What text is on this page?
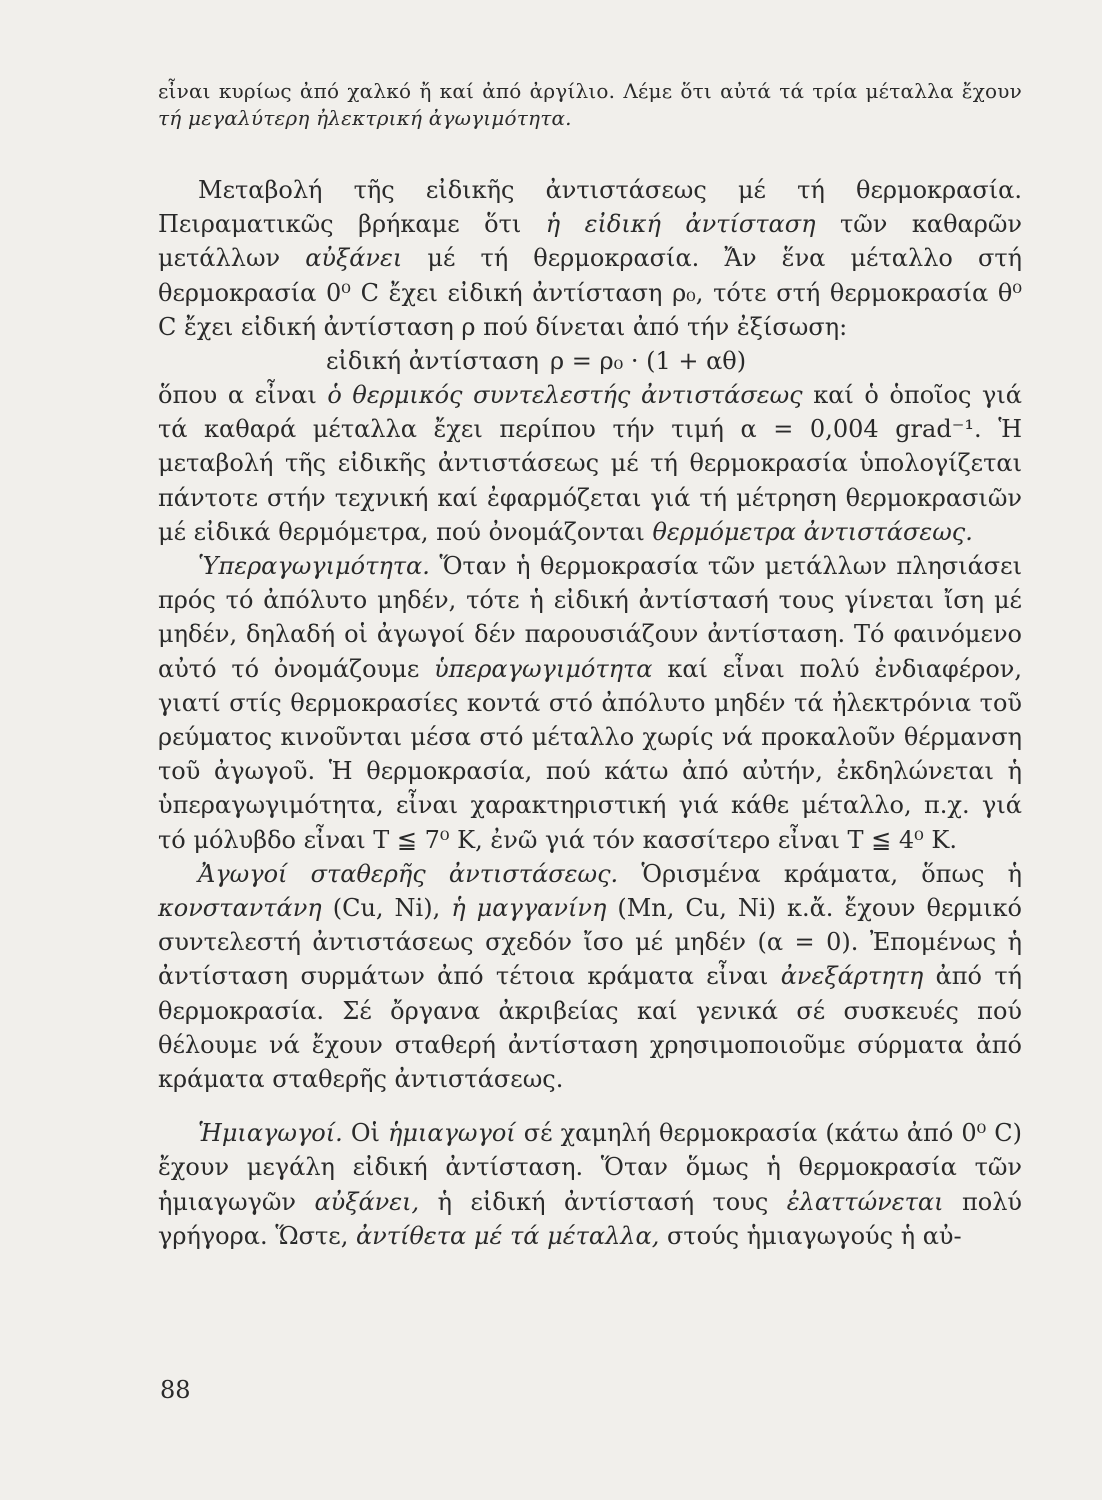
εἶναι κυρίως ἀπό χαλκό ἤ καί ἀπό ἀργίλιο. Λέμε ὅτι αὐτά τά τρία μέταλλα ἔχουν τή μεγαλύτερη ἠλεκτρική ἀγωγιμότητα.

Μεταβολή τῆς εἰδικῆς ἀντιστάσεως μέ τή θερμοκρασία. Πειραματικῶς βρήκαμε ὅτι ἡ εἰδική ἀντίσταση τῶν καθαρῶν μετάλλων αὐξάνει μέ τή θερμοκρασία. Ἄν ἕνα μέταλλο στή θερμοκρασία 0⁰ C ἔχει εἰδική ἀντίσταση ρ₀, τότε στή θερμοκρασία θ⁰ C ἔχει εἰδική ἀντίσταση ρ πού δίνεται ἀπό τήν ἐξίσωση:

εἰδική ἀντίσταση ρ = ρ₀ · (1 + αθ)

ὅπου α εἶναι ὁ θερμικός συντελεστής ἀντιστάσεως καί ὁ ὁποῖος γιά τά καθαρά μέταλλα ἔχει περίπου τήν τιμή α = 0,004 grad⁻¹. Ἡ μεταβολή τῆς εἰδικῆς ἀντιστάσεως μέ τή θερμοκρασία ὑπολογίζεται πάντοτε στήν τεχνική καί ἐφαρμόζεται γιά τή μέτρηση θερμοκρασιῶν μέ εἰδικά θερμόμετρα, πού ὀνομάζονται θερμόμετρα ἀντιστάσεως.

Ὑπεραγωγιμότητα. Ὅταν ἡ θερμοκρασία τῶν μετάλλων πλησιάσει πρός τό ἀπόλυτο μηδέν, τότε ἡ εἰδική ἀντίστασή τους γίνεται ἴση μέ μηδέν, δηλαδή οἱ ἀγωγοί δέν παρουσιάζουν ἀντίσταση. Τό φαινόμενο αὐτό τό ὀνομάζουμε ὑπεραγωγιμότητα καί εἶναι πολύ ἐνδιαφέρον, γιατί στίς θερμοκρασίες κοντά στό ἀπόλυτο μηδέν τά ἠλεκτρόνια τοῦ ρεύματος κινοῦνται μέσα στό μέταλλο χωρίς νά προκαλοῦν θέρμανση τοῦ ἀγωγοῦ. Ἡ θερμοκρασία, πού κάτω ἀπό αὐτήν, ἐκδηλώνεται ἡ ὑπεραγωγιμότητα, εἶναι χαρακτηριστική γιά κάθε μέταλλο, π.χ. γιά τό μόλυβδο εἶναι T ≦ 7⁰ K, ἐνῶ γιά τόν κασσίτερο εἶναι T ≦ 4⁰ K.

Ἀγωγοί σταθερῆς ἀντιστάσεως. Ὁρισμένα κράματα, ὅπως ἡ κονσταντάνη (Cu, Ni), ἡ μαγγανίνη (Mn, Cu, Ni) κ.ἄ. ἔχουν θερμικό συντελεστή ἀντιστάσεως σχεδόν ἴσο μέ μηδέν (α = 0). Ἐπομένως ἡ ἀντίσταση συρμάτων ἀπό τέτοια κράματα εἶναι ἀνεξάρτητη ἀπό τή θερμοκρασία. Σέ ὄργανα ἀκριβείας καί γενικά σέ συσκευές πού θέλουμε νά ἔχουν σταθερή ἀντίσταση χρησιμοποιοῦμε σύρματα ἀπό κράματα σταθερῆς ἀντιστάσεως.

Ἡμιαγωγοί. Οἱ ἡμιαγωγοί σέ χαμηλή θερμοκρασία (κάτω ἀπό 0⁰ C) ἔχουν μεγάλη εἰδική ἀντίσταση. Ὅταν ὅμως ἡ θερμοκρασία τῶν ἡμιαγωγῶν αὐξάνει, ἡ εἰδική ἀντίστασή τους ἐλαττώνεται πολύ γρήγορα. Ὥστε, ἀντίθετα μέ τά μέταλλα, στούς ἡμιαγωγούς ἡ αὐ-

88
